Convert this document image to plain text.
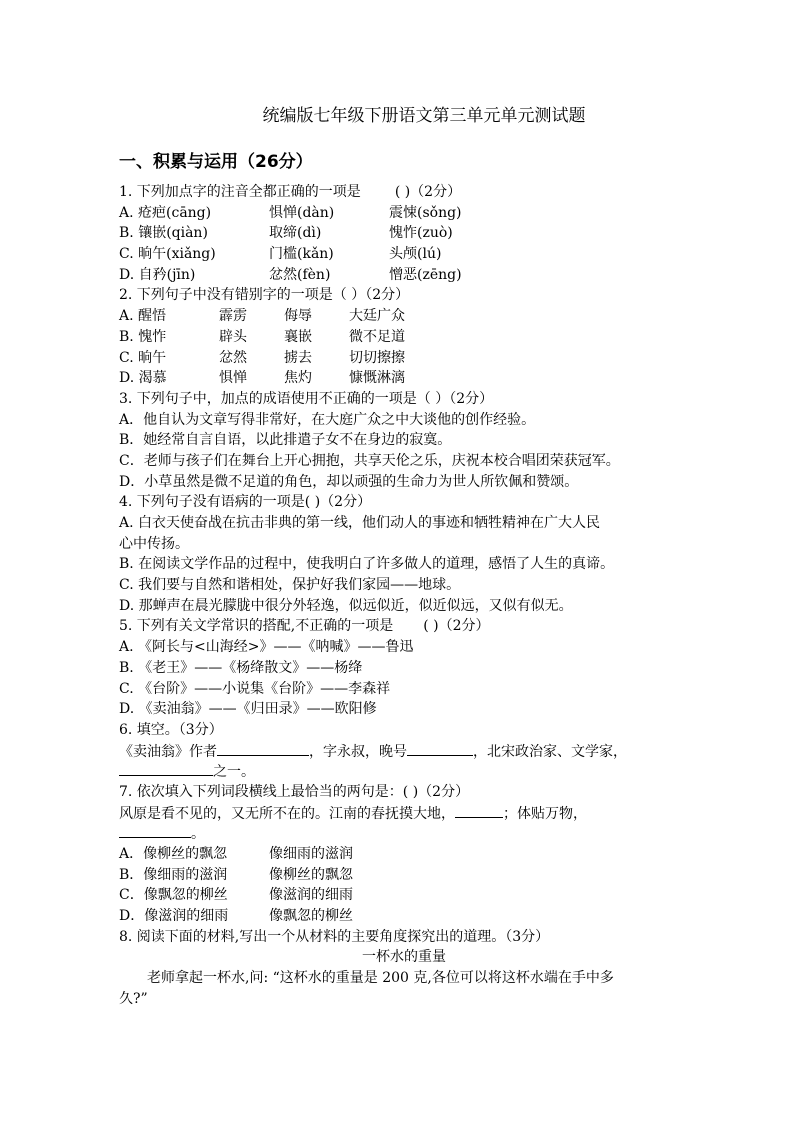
统编版七年级下册语文第三单元单元测试题
一、积累与运用（26分）
1. 下列加点字的注音全都正确的一项是 ( )（2分）
A. 疮疤(cāng)	惧惮(dàn)	震悚(sǒng)
B. 镶嵌(qiàn)	取缔(dì)	愧怍(zuò)
C. 晌午(xiǎng)	门槛(kǎn)	头颅(lú)
D. 自矜(jīn)	忿然(fèn)	憎恶(zēng)
2. 下列句子中没有错别字的一项是（ ）（2分）
A. 醒悟	霹雳	侮辱	大廷广众
B. 愧怍	辟头	襄嵌	微不足道
C. 晌午	忿然	掳去	切切擦擦
D. 渴慕	惧惮	焦灼	慷慨淋漓
3. 下列句子中，加点的成语使用不正确的一项是（ ）（2分）
A．他自认为文章写得非常好，在大庭广众之中大谈他的创作经验。
B．她经常自言自语，以此排遣子女不在身边的寂寞。
C．老师与孩子们在舞台上开心拥抱，共享天伦之乐，庆祝本校合唱团荣获冠军。
D．小草虽然是微不足道的角色，却以顽强的生命力为世人所钦佩和赞颂。
4. 下列句子没有语病的一项是( )（2分）
A. 白衣天使奋战在抗击非典的第一线，他们动人的事迹和牺牲精神在广大人民
心中传扬。
B. 在阅读文学作品的过程中，使我明白了许多做人的道理，感悟了人生的真谛。
C. 我们要与自然和谐相处，保护好我们家园——地球。
D. 那蝉声在晨光朦胧中很分外轻逸，似远似近，似近似远，又似有似无。
5. 下列有关文学常识的搭配,不正确的一项是 ( )（2分）
A. 《阿长与<山海经>》——《呐喊》——鲁迅
B. 《老王》——《杨绛散文》——杨绛
C. 《台阶》——小说集《台阶》——李森祥
D. 《卖油翁》——《归田录》——欧阳修
6. 填空。（3分）
《卖油翁》作者	，字永叔，晚号	，北宋政治家、文学家，
之一。
7. 依次填入下列词段横线上最恰当的两句是：( )（2分）
风原是看不见的，又无所不在的。江南的春抚摸大地，	；体贴万物，
。
A．像柳丝的飘忽	像细雨的滋润
B．像细雨的滋润	像柳丝的飘忽
C．像飘忽的柳丝	像滋润的细雨
D．像滋润的细雨	像飘忽的柳丝
8. 阅读下面的材料,写出一个从材料的主要角度探究出的道理。（3分）
一杯水的重量
老师拿起一杯水,问: “这杯水的重量是 200 克,各位可以将这杯水端在手中多
久?”
